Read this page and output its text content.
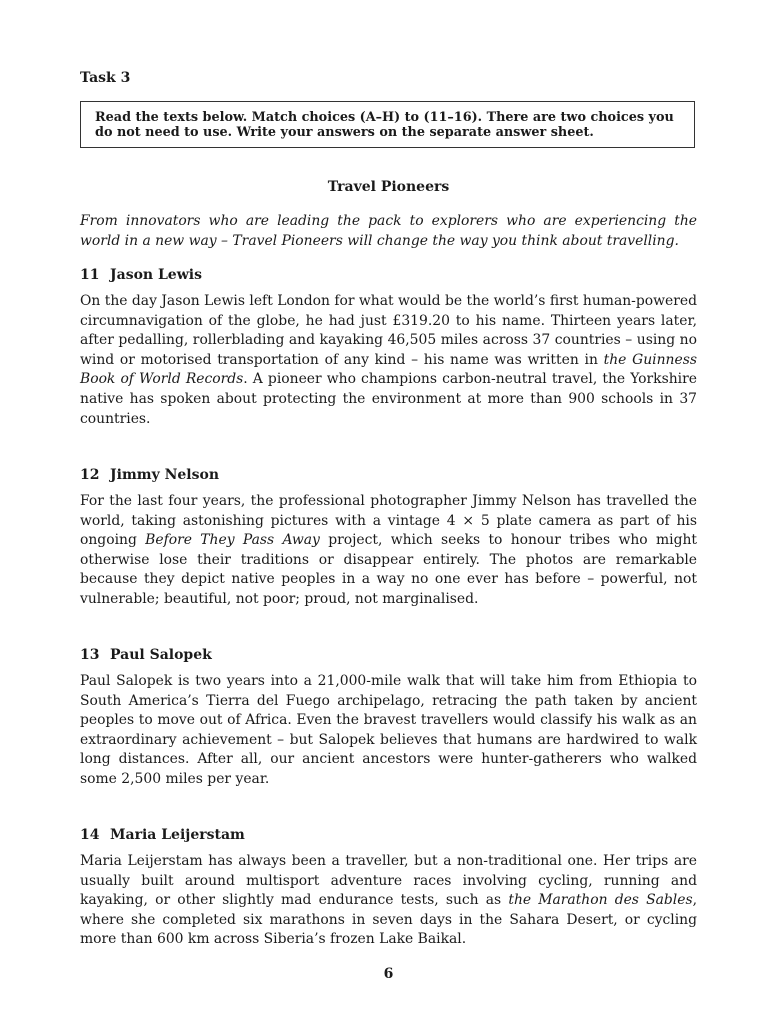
Task 3
Read the texts below. Match choices (A–H) to (11–16). There are two choices you do not need to use. Write your answers on the separate answer sheet.
Travel Pioneers
From innovators who are leading the pack to explorers who are experiencing the world in a new way – Travel Pioneers will change the way you think about travelling.
11 Jason Lewis

On the day Jason Lewis left London for what would be the world’s first human-powered circumnavigation of the globe, he had just £319.20 to his name. Thirteen years later, after pedalling, rollerblading and kayaking 46,505 miles across 37 countries – using no wind or motorised transportation of any kind – his name was written in the Guinness Book of World Records. A pioneer who champions carbon-neutral travel, the Yorkshire native has spoken about protecting the environment at more than 900 schools in 37 countries.

12 Jimmy Nelson

For the last four years, the professional photographer Jimmy Nelson has travelled the world, taking astonishing pictures with a vintage 4 × 5 plate camera as part of his ongoing Before They Pass Away project, which seeks to honour tribes who might otherwise lose their traditions or disappear entirely. The photos are remarkable because they depict native peoples in a way no one ever has before – powerful, not vulnerable; beautiful, not poor; proud, not marginalised.

13 Paul Salopek

Paul Salopek is two years into a 21,000-mile walk that will take him from Ethiopia to South America’s Tierra del Fuego archipelago, retracing the path taken by ancient peoples to move out of Africa. Even the bravest travellers would classify his walk as an extraordinary achievement – but Salopek believes that humans are hardwired to walk long distances. After all, our ancient ancestors were hunter-gatherers who walked some 2,500 miles per year.

14 Maria Leijerstam

Maria Leijerstam has always been a traveller, but a non-traditional one. Her trips are usually built around multisport adventure races involving cycling, running and kayaking, or other slightly mad endurance tests, such as the Marathon des Sables, where she completed six marathons in seven days in the Sahara Desert, or cycling more than 600 km across Siberia’s frozen Lake Baikal.

6
